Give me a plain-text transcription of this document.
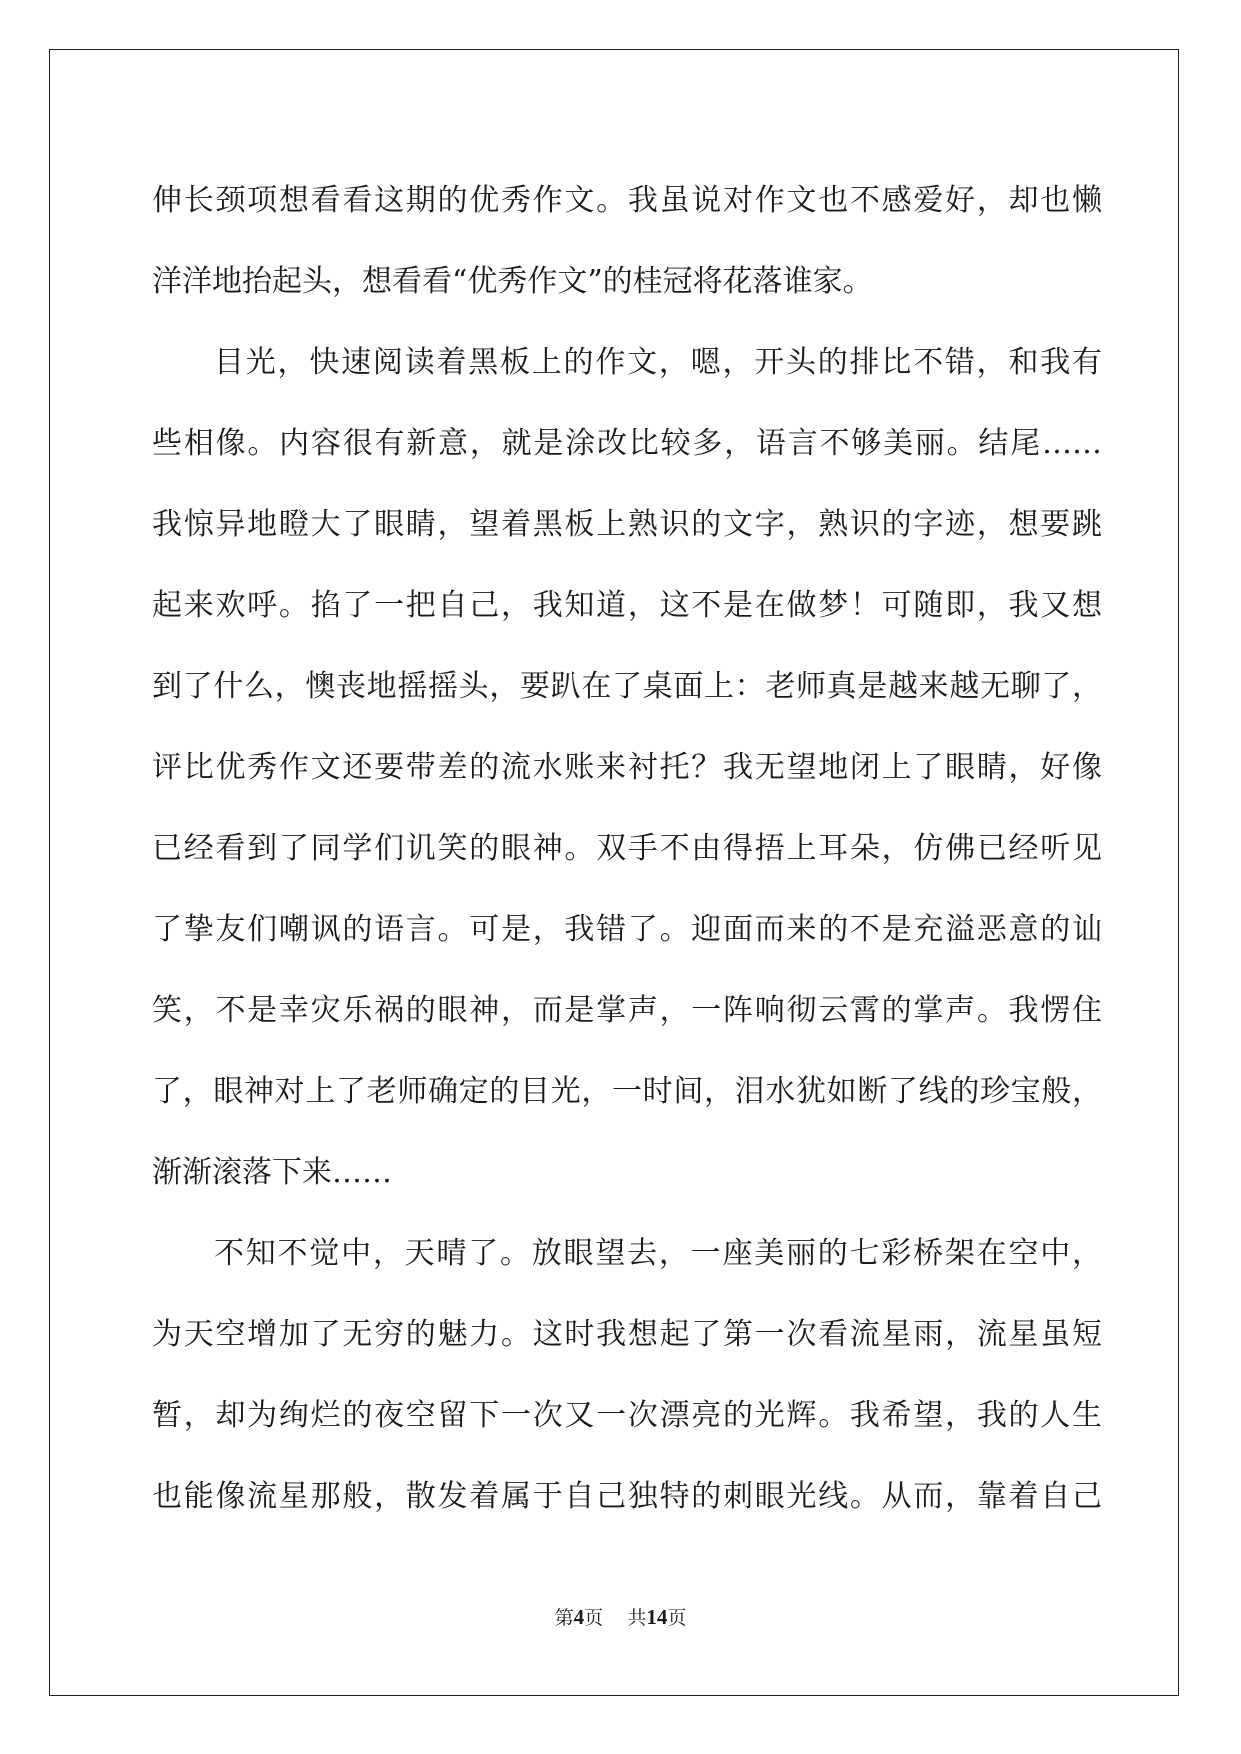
伸长颈项想看看这期的优秀作文。我虽说对作文也不感爱好，却也懒
洋洋地抬起头，想看看“优秀作文”的桂冠将花落谁家。
目光，快速阅读着黑板上的作文，嗯，开头的排比不错，和我有
些相像。内容很有新意，就是涂改比较多，语言不够美丽。结尾……
我惊异地瞪大了眼睛，望着黑板上熟识的文字，熟识的字迹，想要跳
起来欢呼。掐了一把自己，我知道，这不是在做梦！可随即，我又想
到了什么，懊丧地摇摇头，要趴在了桌面上：老师真是越来越无聊了，
评比优秀作文还要带差的流水账来衬托？我无望地闭上了眼睛，好像
已经看到了同学们讥笑的眼神。双手不由得捂上耳朵，仿佛已经听见
了挚友们嘲讽的语言。可是，我错了。迎面而来的不是充溢恶意的讪
笑，不是幸灾乐祸的眼神，而是掌声，一阵响彻云霄的掌声。我愣住
了，眼神对上了老师确定的目光，一时间，泪水犹如断了线的珍宝般，
渐渐滚落下来……
不知不觉中，天晴了。放眼望去，一座美丽的七彩桥架在空中，
为天空增加了无穷的魅力。这时我想起了第一次看流星雨，流星虽短
暂，却为绚烂的夜空留下一次又一次漂亮的光辉。我希望，我的人生
也能像流星那般，散发着属于自己独特的刺眼光线。从而，靠着自己
第4页 共14页
